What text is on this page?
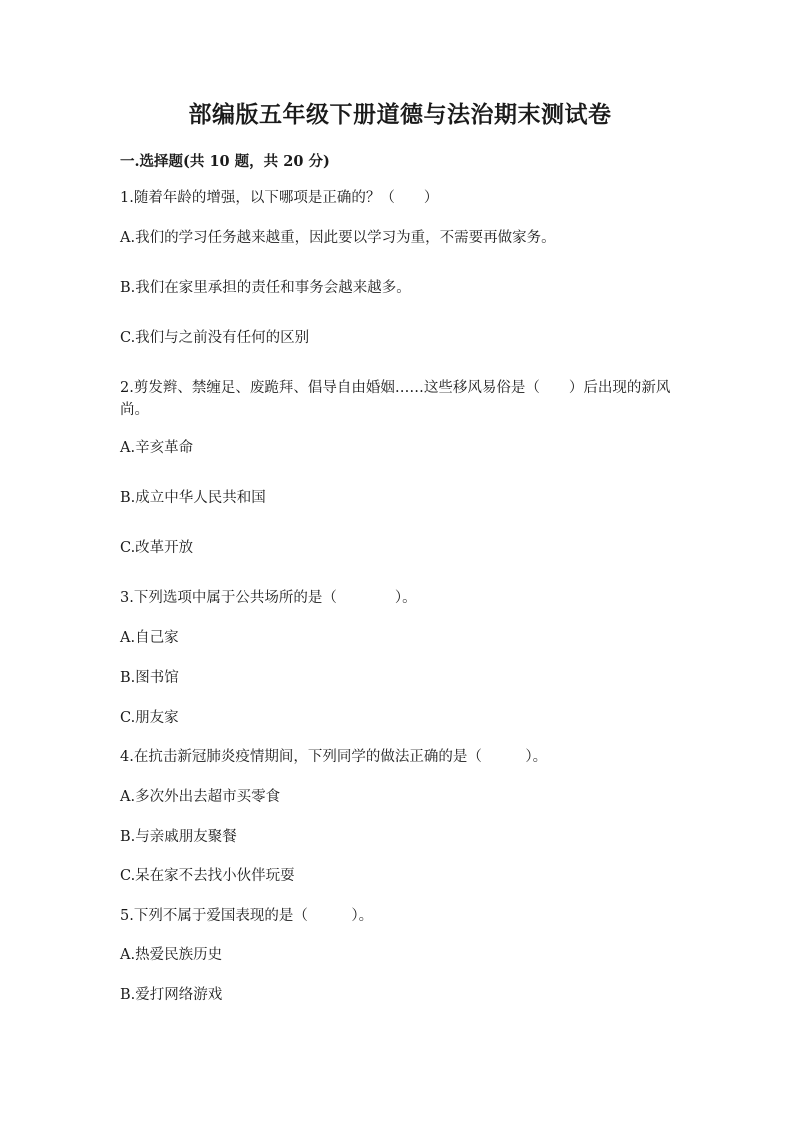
部编版五年级下册道德与法治期末测试卷
一.选择题(共 10 题，共 20 分)
1.随着年龄的增强，以下哪项是正确的？（　　）
A.我们的学习任务越来越重，因此要以学习为重，不需要再做家务。
B.我们在家里承担的责任和事务会越来越多。
C.我们与之前没有任何的区别
2.剪发辫、禁缠足、废跪拜、倡导自由婚姻……这些移风易俗是（　　）后出现的新风尚。
A.辛亥革命
B.成立中华人民共和国
C.改革开放
3.下列选项中属于公共场所的是（　　　　）。
A.自己家
B.图书馆
C.朋友家
4.在抗击新冠肺炎疫情期间，下列同学的做法正确的是（　　　）。
A.多次外出去超市买零食
B.与亲戚朋友聚餐
C.呆在家不去找小伙伴玩耍
5.下列不属于爱国表现的是（　　　）。
A.热爱民族历史
B.爱打网络游戏
